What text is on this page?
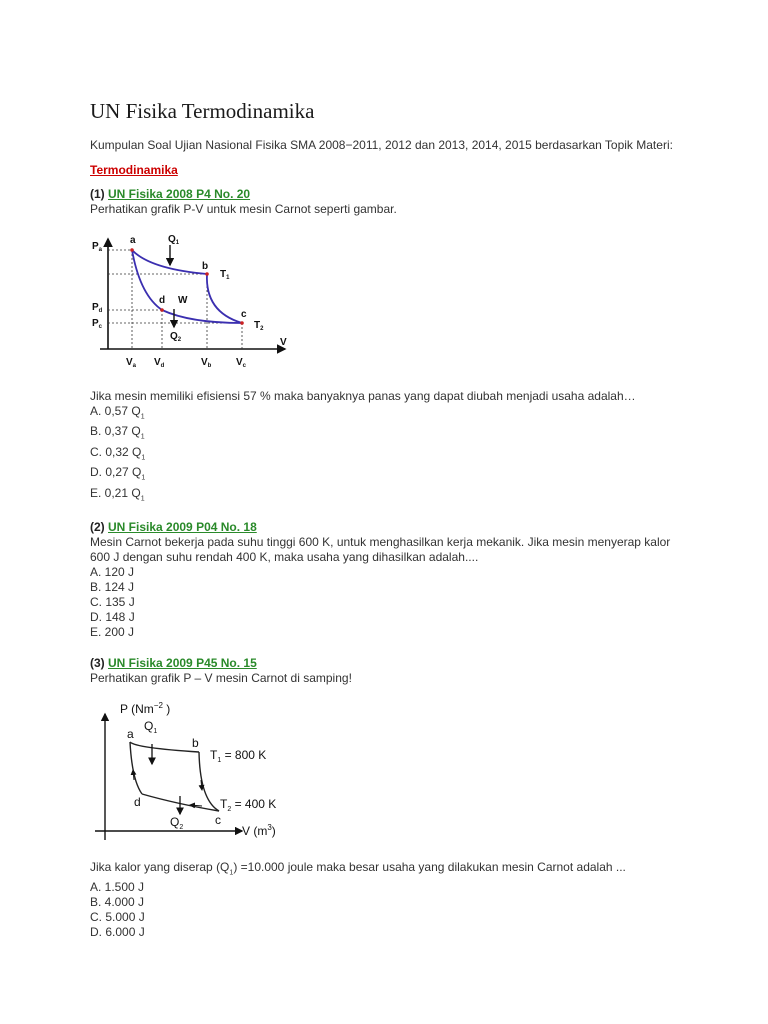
UN Fisika Termodinamika

Kumpulan Soal Ujian Nasional Fisika SMA 2008−2011, 2012 dan 2013, 2014, 2015 berdasarkan Topik Materi:

Termodinamika

(1) UN Fisika 2008 P4 No. 20

Perhatikan grafik P-V untuk mesin Carnot seperti gambar.

$P_a$
$P_d$
$P_c$
a
b
c
d W
V
$Q_1$
$Q_2$
$T_1$
$T_2$
$V_a$ $V_d$	$V_b$ $V_c$

Jika mesin memiliki efisiensi 57 % maka banyaknya panas yang dapat diubah menjadi usaha adalah…

A. 0,57 $Q_1$
B. 0,37 $Q_1$
C. 0,32 $Q_1$
D. 0,27 $Q_1$
E. 0,21 $Q_1$

(2) UN Fisika 2009 P04 No. 18

Mesin Carnot bekerja pada suhu tinggi 600 K, untuk menghasilkan kerja mekanik. Jika mesin menyerap kalor 600 J dengan suhu rendah 400 K, maka usaha yang dihasilkan adalah....

A. 120 J
B. 124 J
C. 135 J
D. 148 J
E. 200 J

(3) UN Fisika 2009 P45 No. 15

Perhatikan grafik P – V mesin Carnot di samping!

P ($Nm^{-2}$ )
a
b
c
d
$Q_1$
$Q_2$
$T_1 = 800$ K
$T_2 = 400$ K
V $(m^3)$

Jika kalor yang diserap $(Q_1) =10.000$ joule maka besar usaha yang dilakukan mesin Carnot adalah ...

A. 1.500 J
B. 4.000 J
C. 5.000 J
D. 6.000 J
